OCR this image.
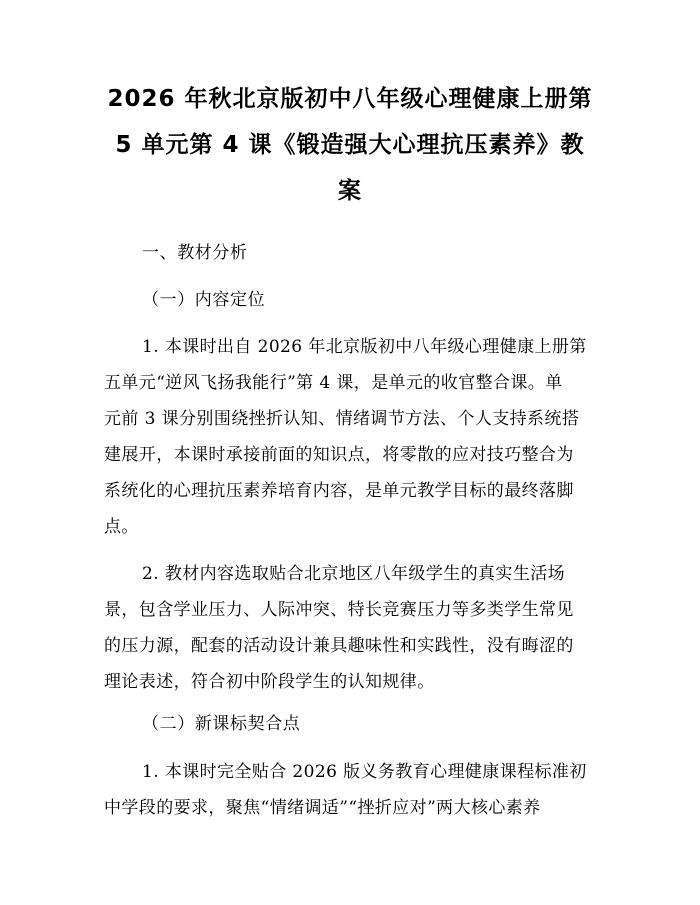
2026 年秋北京版初中八年级心理健康上册第
5 单元第 4 课《锻造强大心理抗压素养》教
案
一、教材分析
（一）内容定位
1. 本课时出自 2026 年北京版初中八年级心理健康上册第
五单元“逆风飞扬我能行”第 4 课，是单元的收官整合课。单
元前 3 课分别围绕挫折认知、情绪调节方法、个人支持系统搭
建展开，本课时承接前面的知识点，将零散的应对技巧整合为
系统化的心理抗压素养培育内容，是单元教学目标的最终落脚
点。
2. 教材内容选取贴合北京地区八年级学生的真实生活场
景，包含学业压力、人际冲突、特长竞赛压力等多类学生常见
的压力源，配套的活动设计兼具趣味性和实践性，没有晦涩的
理论表述，符合初中阶段学生的认知规律。
（二）新课标契合点
1. 本课时完全贴合 2026 版义务教育心理健康课程标准初
中学段的要求，聚焦“情绪调适”“挫折应对”两大核心素养
